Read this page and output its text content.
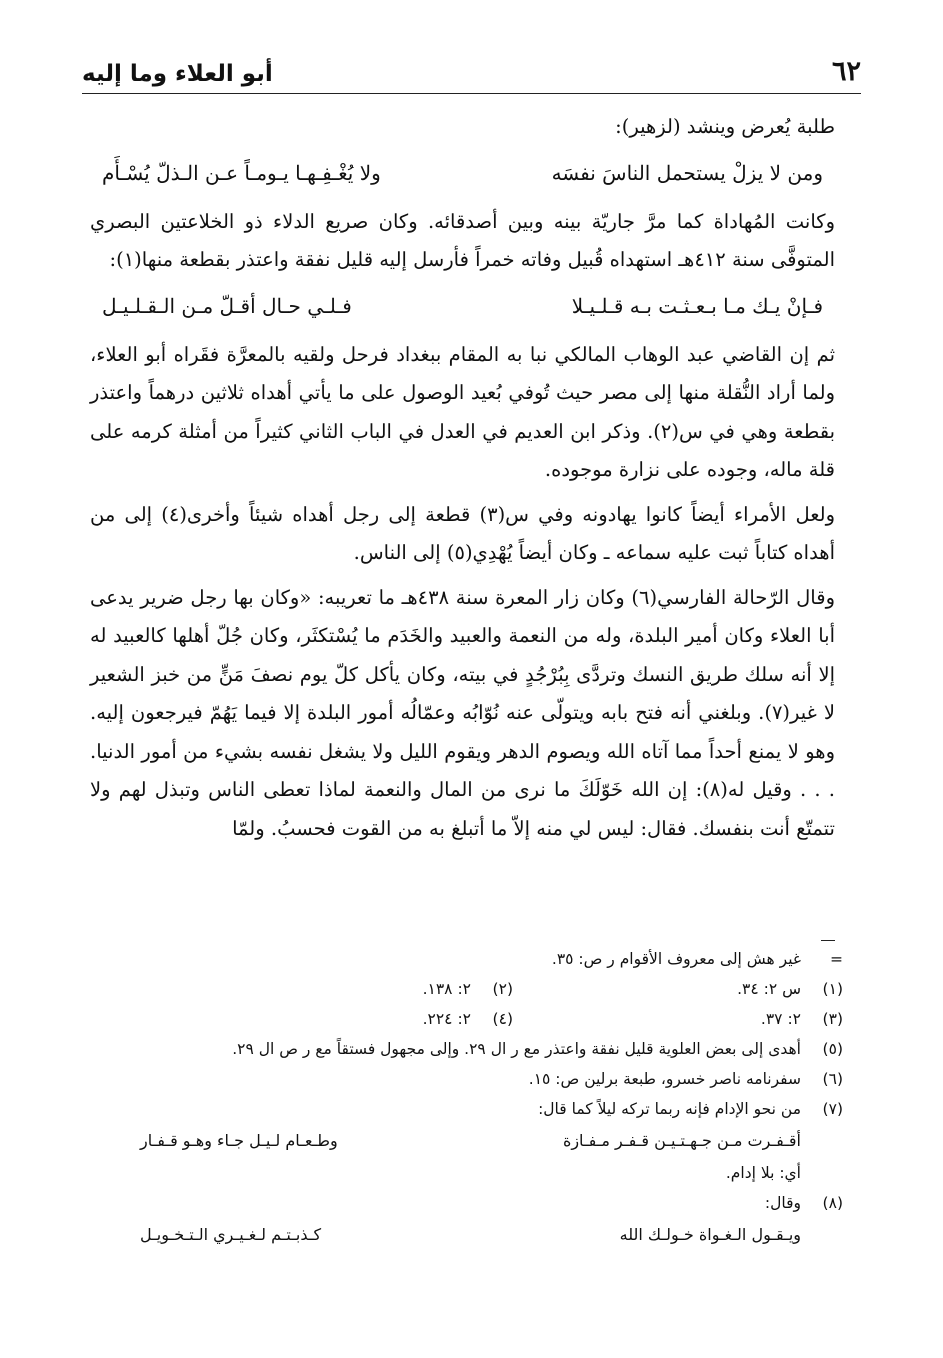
٦٢
أبو العلاء وما إليه

طلبة يُعرض وينشد (لزهير):

ومن لا يزلْ يستحمل الناسَ نفسَه
ولا يُغْـفِـهـا يـومـاً عـن الـذلّ يُسْـأَم

وكانت المُهاداة كما مرَّ جاريّة بينه وبين أصدقائه. وكان صريع الدلاء ذو الخلاعتين البصري المتوفَّى سنة ٤١٢هـ استهداه قُبيل وفاته خمراً فأرسل إليه قليل نفقة واعتذر بقطعة منها(١):

فـإنْ يـك مـا بـعـثـت بـه قـلـيـلا
فـلـي حـال أقـلّ مـن الـقـلـيـل

ثم إن القاضي عبد الوهاب المالكي نبا به المقام ببغداد فرحل ولقيه بالمعرَّة فقَراه أبو العلاء، ولما أراد النُّقلة منها إلى مصر حيث تُوفي بُعيد الوصول على ما يأتي أهداه ثلاثين درهماً واعتذر بقطعة وهي في س(٢). وذكر ابن العديم في العدل في الباب الثاني كثيراً من أمثلة كرمه على قلة ماله، وجوده على نزارة موجوده.

ولعل الأمراء أيضاً كانوا يهادونه وفي س(٣) قطعة إلى رجل أهداه شيئاً وأخرى(٤) إلى من أهداه كتاباً ثبت عليه سماعه ـ وكان أيضاً يُهْدِي(٥) إلى الناس.

وقال الرّحالة الفارسي(٦) وكان زار المعرة سنة ٤٣٨هـ ما تعريبه: «وكان بها رجل ضرير يدعى أبا العلاء وكان أمير البلدة، وله من النعمة والعبيد والخَدَم ما يُسْتكثَر، وكان جُلّ أهلها كالعبيد له إلا أنه سلك طريق النسك وتردَّى بِبُرْجُدٍ في بيته، وكان يأكل كلّ يوم نصفَ مَنٍّ من خبز الشعير لا غير(٧). وبلغني أنه فتح بابه ويتولّى عنه نُوّابُه وعمّالُه أمور البلدة إلا فيما يَهُمّ فيرجعون إليه. وهو لا يمنع أحداً مما آتاه الله ويصوم الدهر ويقوم الليل ولا يشغل نفسه بشيء من أمور الدنيا. . . . وقيل له(٨): إن الله خَوّلَكَ ما نرى من المال والنعمة لماذا تعطى الناس وتبذل لهم ولا تتمتّع أنت بنفسك. فقال: ليس لي منه إلاّ ما أتبلغ به من القوت فحسبُ. ولمّا

=
غير هش إلى معروف الأقوام ر ص: ٣٥.
(١)
س ٢: ٣٤.
(٢)
٢: ١٣٨.
(٣)
٢: ٣٧.
(٤)
٢: ٢٢٤.
(٥)
أهدى إلى بعض العلوية قليل نفقة واعتذر مع ر ال ٢٩. وإلى مجهول فستقاً مع ر ص ال ٢٩.
(٦)
سفرنامه ناصر خسرو، طبعة برلين ص: ١٥.
(٧)
من نحو الإدام فإنه ربما تركه ليلاً كما قال:
أقـفـرت مـن جـهـتـيـن قـفـر مـفـازة
وطـعـام لـيـل جـاء وهـو قـفـار
أي: بلا إدام.
(٨)
وقال:
ويـقـول الـغـواة خـولـك الله
كـذبـتـم لـغـيـري الـتـخـويـل
